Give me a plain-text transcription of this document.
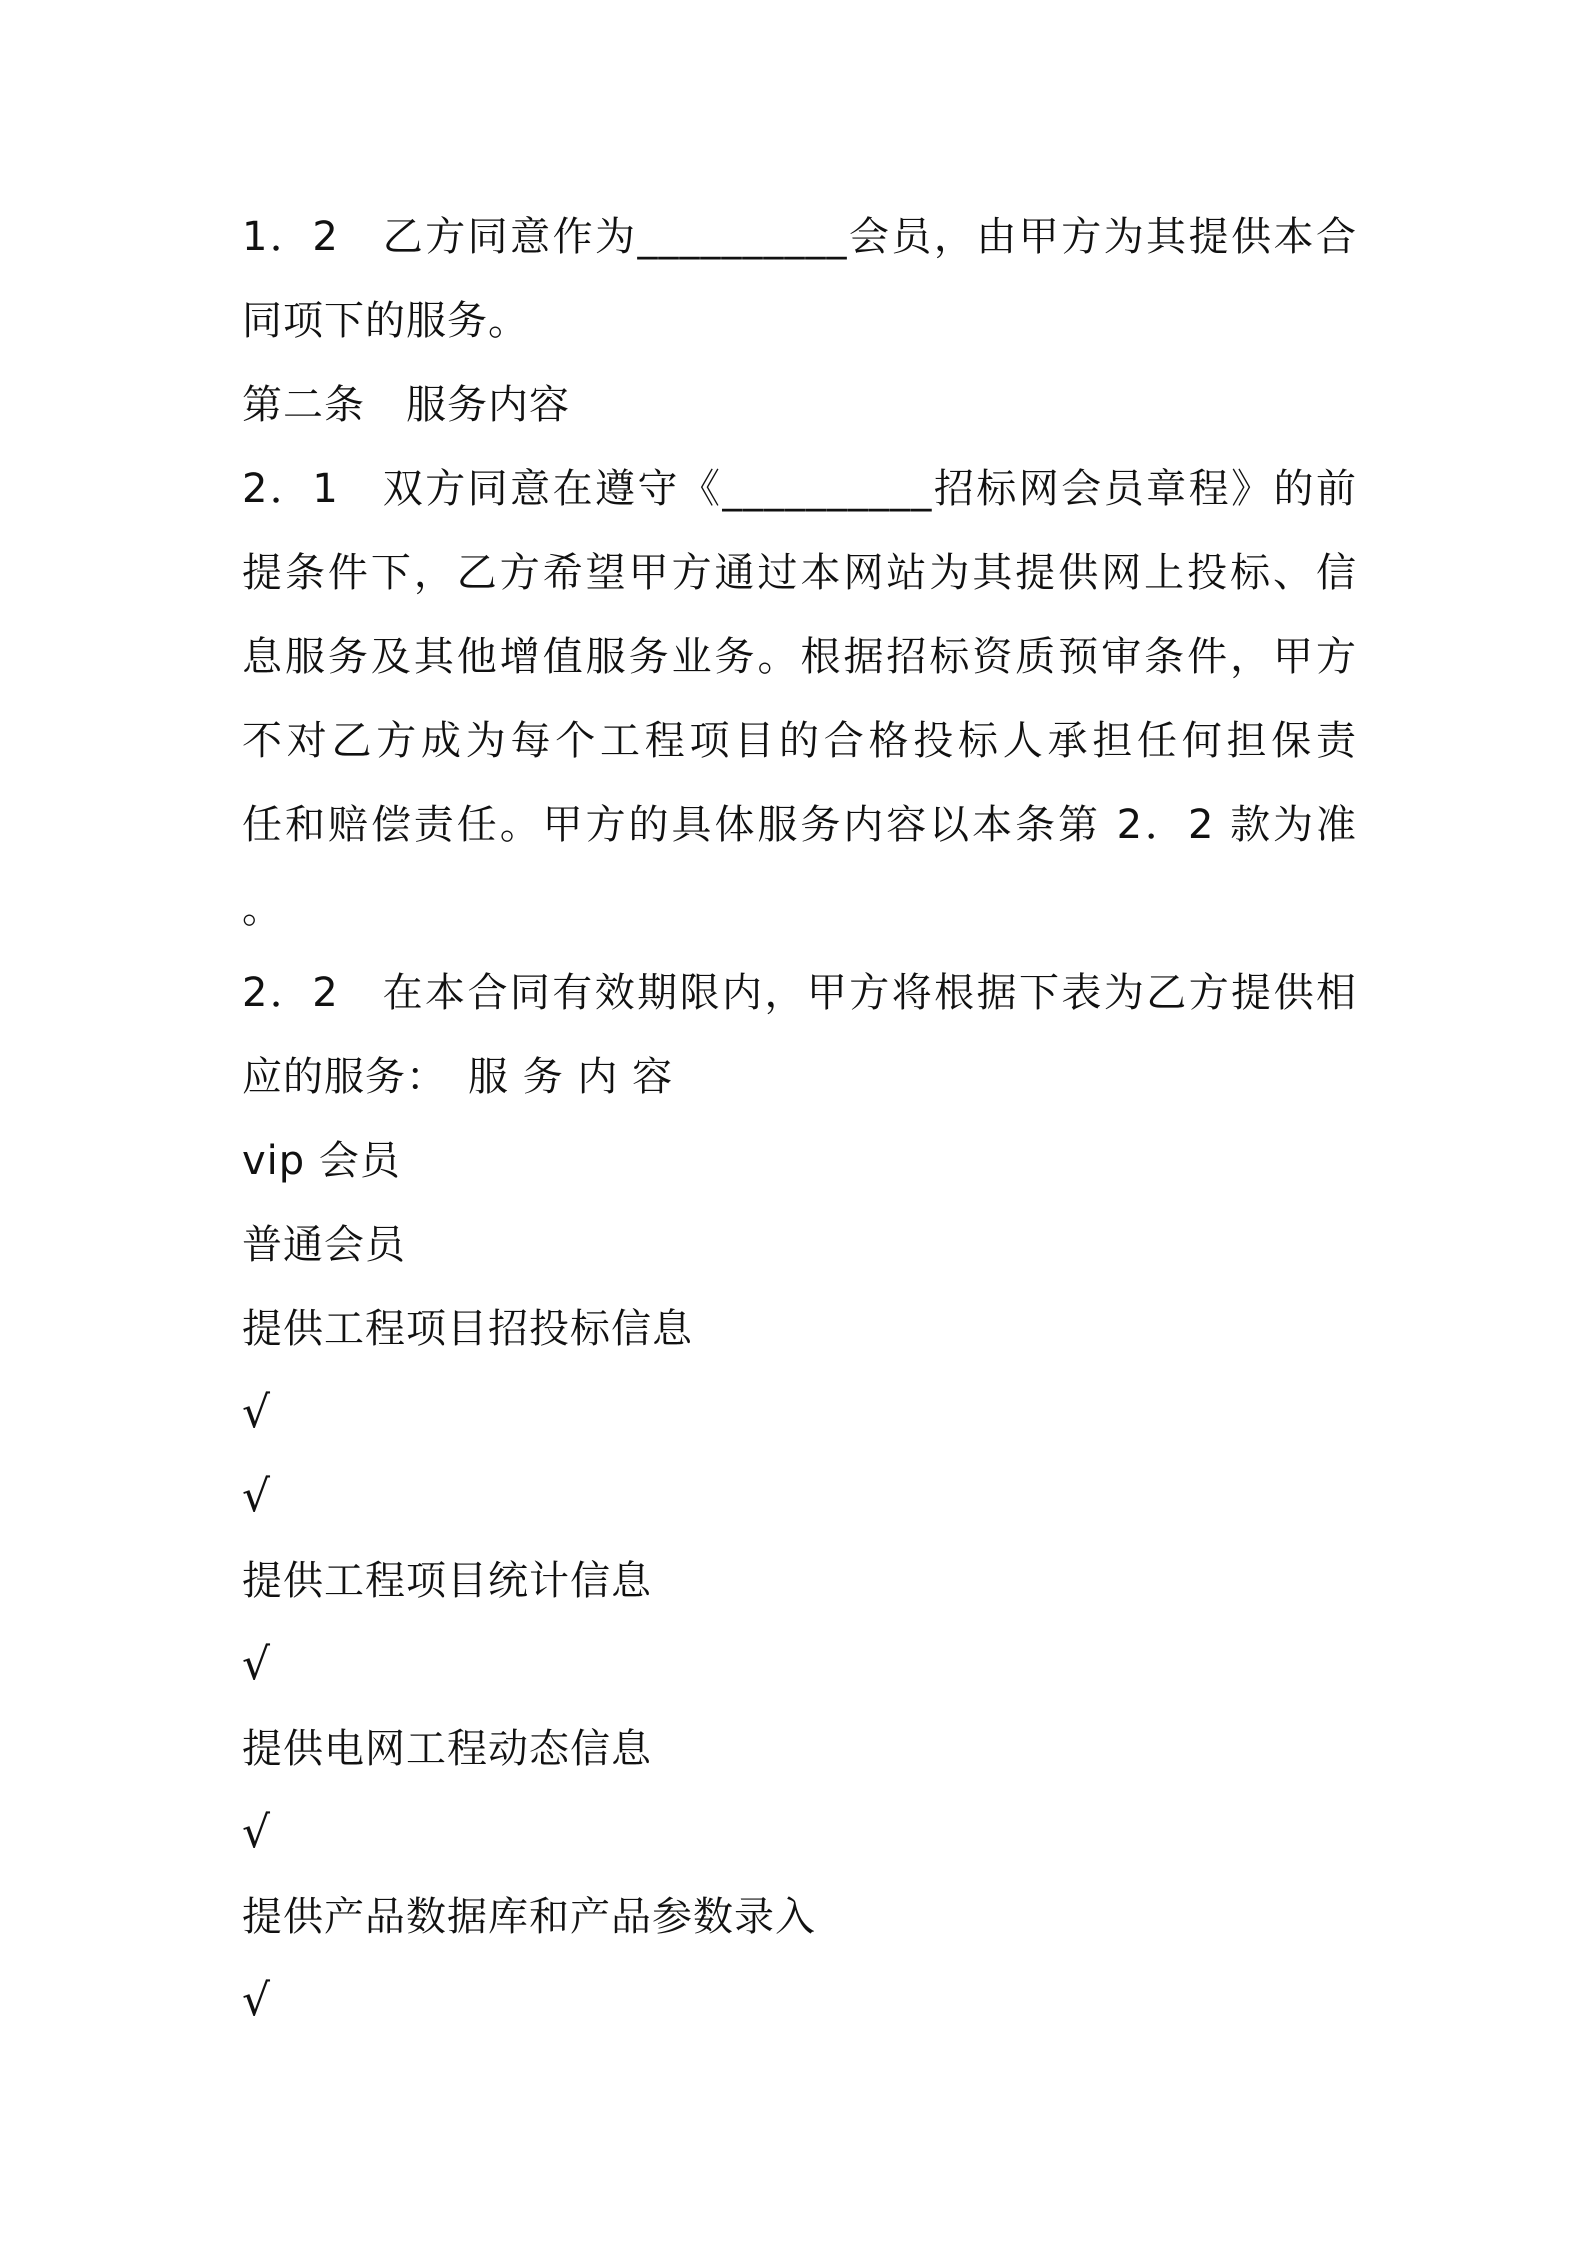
1．2　乙方同意作为__________会员，由甲方为其提供本合
同项下的服务。
第二条　服务内容
2．1　双方同意在遵守《__________招标网会员章程》的前
提条件下，乙方希望甲方通过本网站为其提供网上投标、信
息服务及其他增值服务业务。根据招标资质预审条件，甲方
不对乙方成为每个工程项目的合格投标人承担任何担保责
任和赔偿责任。甲方的具体服务内容以本条第 2．2 款为准
。
2．2　在本合同有效期限内，甲方将根据下表为乙方提供相
应的服务：　服 务 内 容
vip 会员
普通会员
提供工程项目招投标信息
√
√
提供工程项目统计信息
√
提供电网工程动态信息
√
提供产品数据库和产品参数录入
√
